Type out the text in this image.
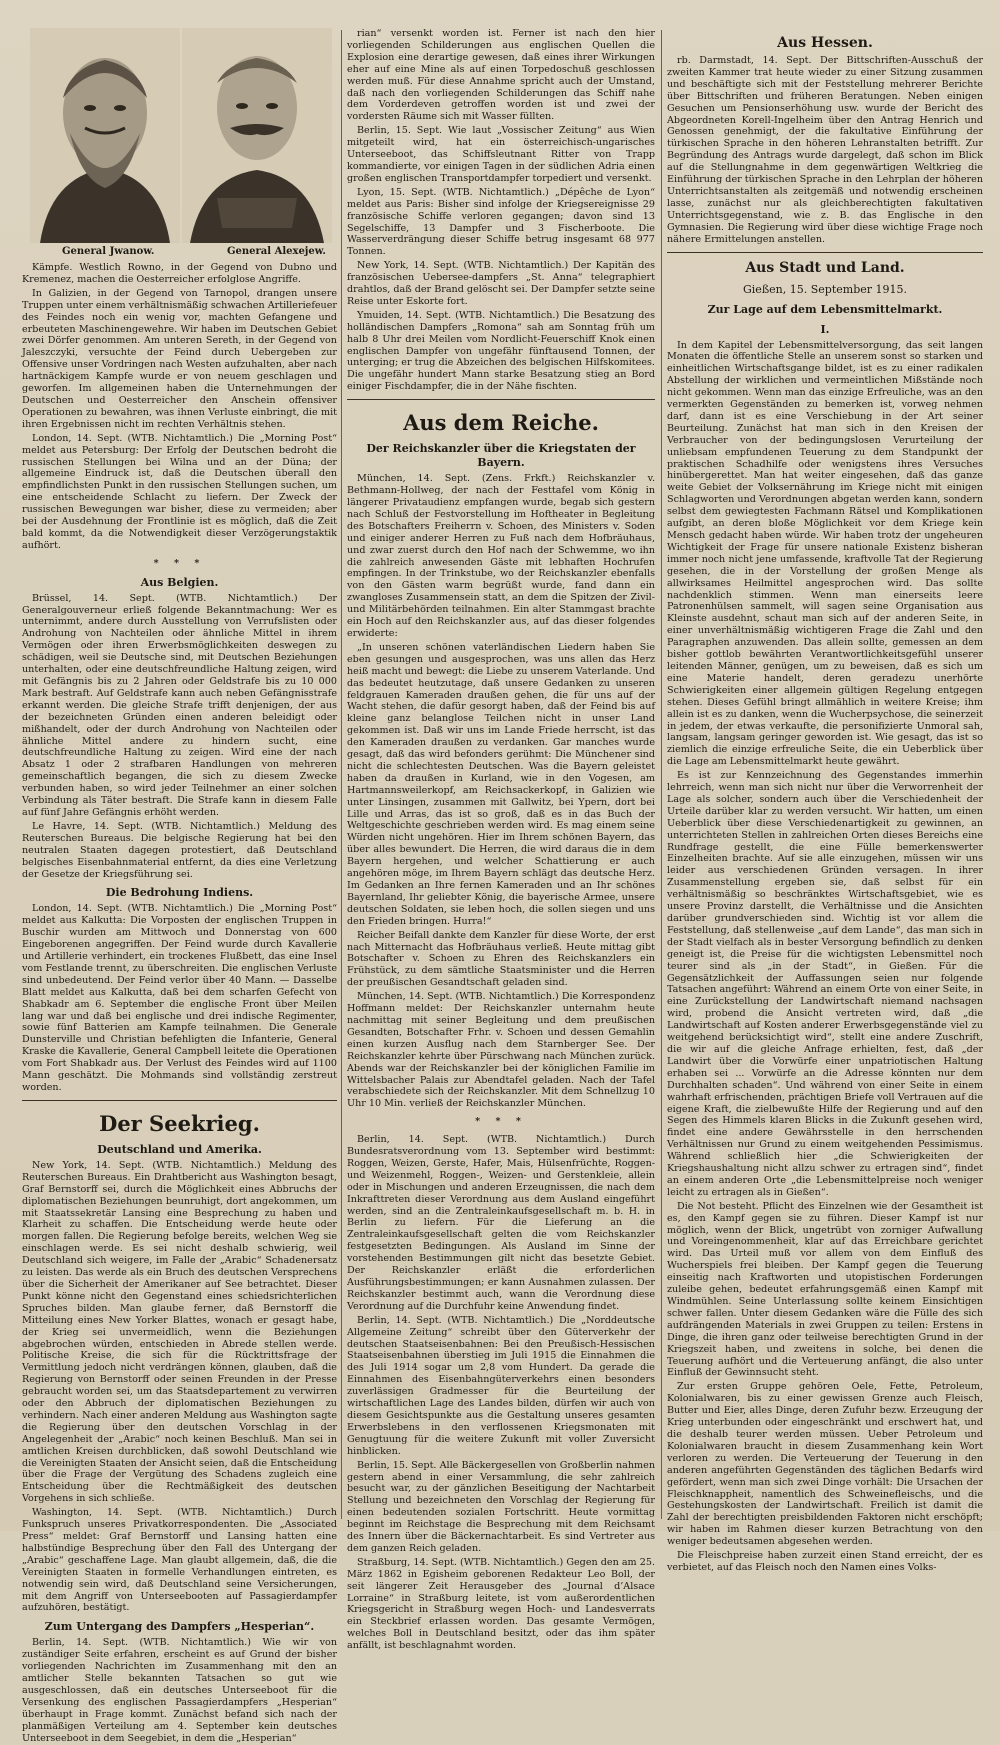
General Jwanow.	General Alexejew.

Kämpfe. Westlich Rowno, in der Gegend von Dubno und Kremenez, machen die Oesterreicher erfolglose Angriffe.

In Galizien, in der Gegend von Tarnopol, drangen unsere Truppen unter einem verhältnismäßig schwachen Artilleriefeuer des Feindes noch ein wenig vor, machten Gefangene und erbeuteten Maschinengewehre. Wir haben im Deutschen Gebiet zwei Dörfer genommen. Am unteren Sereth, in der Gegend von Jaleszczyki, versuchte der Feind durch Uebergeben zur Offensive unser Vordringen nach Westen aufzuhalten, aber nach hartnäckigem Kampfe wurde er von neuem geschlagen und geworfen. Im allgemeinen haben die Unternehmungen der Deutschen und Oesterreicher den Anschein offensiver Operationen zu bewahren, was ihnen Verluste einbringt, die mit ihren Ergebnissen nicht im rechten Verhältnis stehen.

London, 14. Sept. (WTB. Nichtamtlich.) Die „Morning Post“ meldet aus Petersburg: Der Erfolg der Deutschen bedroht die russischen Stellungen bei Wilna und an der Düna; der allgemeine Eindruck ist, daß die Deutschen überall den empfindlichsten Punkt in den russischen Stellungen suchen, um eine entscheidende Schlacht zu liefern. Der Zweck der russischen Bewegungen war bisher, diese zu vermeiden; aber bei der Ausdehnung der Frontlinie ist es möglich, daß die Zeit bald kommt, da die Notwendigkeit dieser Verzögerungstaktik aufhört.

* * *
Aus Belgien.

Brüssel, 14. Sept. (WTB. Nichtamtlich.) Der Generalgouverneur erließ folgende Bekanntmachung: Wer es unternimmt, andere durch Ausstellung von Verrufslisten oder Androhung von Nachteilen oder ähnliche Mittel in ihrem Vermögen oder ihren Erwerbsmöglichkeiten deswegen zu schädigen, weil sie Deutsche sind, mit Deutschen Beziehungen unterhalten, oder eine deutschfreundliche Haltung zeigen, wird mit Gefängnis bis zu 2 Jahren oder Geldstrafe bis zu 10 000 Mark bestraft. Auf Geldstrafe kann auch neben Gefängnisstrafe erkannt werden. Die gleiche Strafe trifft denjenigen, der aus der bezeichneten Gründen einen anderen beleidigt oder mißhandelt, oder der durch Androhung von Nachteilen oder ähnliche Mittel andere zu hindern sucht, eine deutschfreundliche Haltung zu zeigen. Wird eine der nach Absatz 1 oder 2 strafbaren Handlungen von mehreren gemeinschaftlich begangen, die sich zu diesem Zwecke verbunden haben, so wird jeder Teilnehmer an einer solchen Verbindung als Täter bestraft. Die Strafe kann in diesem Falle auf fünf Jahre Gefängnis erhöht werden.

Le Havre, 14. Sept. (WTB. Nichtamtlich.) Meldung des Reuterschen Bureaus. Die belgische Regierung hat bei den neutralen Staaten dagegen protestiert, daß Deutschland belgisches Eisenbahnmaterial entfernt, da dies eine Verletzung der Gesetze der Kriegsführung sei.

Die Bedrohung Indiens.

London, 14. Sept. (WTB. Nichtamtlich.) Die „Morning Post“ meldet aus Kalkutta: Die Vorposten der englischen Truppen in Buschir wurden am Mittwoch und Donnerstag von 600 Eingeborenen angegriffen. Der Feind wurde durch Kavallerie und Artillerie verhindert, ein trockenes Flußbett, das eine Insel vom Festlande trennt, zu überschreiten. Die englischen Verluste sind unbedeutend. Der Feind verlor über 40 Mann. — Dasselbe Blatt meldet aus Kalkutta, daß bei dem scharfen Gefecht von Shabkadr am 6. September die englische Front über Meilen lang war und daß bei englische und drei indische Regimenter, sowie fünf Batterien am Kampfe teilnahmen. Die Generale Dunsterville und Christian befehligten die Infanterie, General Kraske die Kavallerie, General Campbell leitete die Operationen vom Fort Shabkadr aus. Der Verlust des Feindes wird auf 1100 Mann geschätzt. Die Mohmands sind vollständig zerstreut worden.

Der Seekrieg.
Deutschland und Amerika.

New York, 14. Sept. (WTB. Nichtamtlich.) Meldung des Reuterschen Bureaus. Ein Drahtbericht aus Washington besagt, Graf Bernstorff sei, durch die Möglichkeit eines Abbruchs der diplomatischen Beziehungen beunruhigt, dort angekommen, um mit Staatssekretär Lansing eine Besprechung zu haben und Klarheit zu schaffen. Die Entscheidung werde heute oder morgen fallen. Die Regierung befolge bereits, welchen Weg sie einschlagen werde. Es sei nicht deshalb schwierig, weil Deutschland sich weigere, im Falle der „Arabic“ Schadenersatz zu leisten. Das werde als ein Bruch des deutschen Versprechens über die Sicherheit der Amerikaner auf See betrachtet. Dieser Punkt könne nicht den Gegenstand eines schiedsrichterlichen Spruches bilden. Man glaube ferner, daß Bernstorff die Mitteilung eines New Yorker Blattes, wonach er gesagt habe, der Krieg sei unvermeidlich, wenn die Beziehungen abgebrochen würden, entschieden in Abrede stellen werde. Politische Kreise, die sich für die Rücktrittsfrage der Vermittlung jedoch nicht verdrängen können, glauben, daß die Regierung von Bernstorff oder seinen Freunden in der Presse gebraucht worden sei, um das Staatsdepartement zu verwirren oder den Abbruch der diplomatischen Beziehungen zu verhindern. Nach einer anderen Meldung aus Washington sagte die Regierung über den deutschen Vorschlag in der Angelegenheit der „Arabic“ noch keinen Beschluß. Man sei in amtlichen Kreisen durchblicken, daß sowohl Deutschland wie die Vereinigten Staaten der Ansicht seien, daß die Entscheidung über die Frage der Vergütung des Schadens zugleich eine Entscheidung über die Rechtmäßigkeit des deutschen Vorgehens in sich schließe.

Washington, 14. Sept. (WTB. Nichtamtlich.) Durch Funkspruch unseres Privatkorrespondenten. Die „Associated Press“ meldet: Graf Bernstorff und Lansing hatten eine halbstündige Besprechung über den Fall des Untergang der „Arabic“ geschaffene Lage. Man glaubt allgemein, daß, die die Vereinigten Staaten in formelle Verhandlungen eintreten, es notwendig sein wird, daß Deutschland seine Versicherungen, mit dem Angriff von Unterseebooten auf Passagierdampfer aufzuhören, bestätigt.

Zum Untergang des Dampfers „Hesperian“.

Berlin, 14. Sept. (WTB. Nichtamtlich.) Wie wir von zuständiger Seite erfahren, erscheint es auf Grund der bisher vorliegenden Nachrichten im Zusammenhang mit den an amtlicher Stelle bekannten Tatsachen so gut wie ausgeschlossen, daß ein deutsches Unterseeboot für die Versenkung des englischen Passagierdampfers „Hesperian“ überhaupt in Frage kommt. Zunächst befand sich nach der planmäßigen Verteilung am 4. September kein deutsches Unterseeboot in dem Seegebiet, in dem die „Hesperian“

rian“ versenkt worden ist. Ferner ist nach den hier vorliegenden Schilderungen aus englischen Quellen die Explosion eine derartige gewesen, daß eines ihrer Wirkungen eher auf eine Mine als auf einen Torpedoschuß geschlossen werden muß. Für diese Annahme spricht auch der Umstand, daß nach den vorliegenden Schilderungen das Schiff nahe dem Vorderdeven getroffen worden ist und zwei der vordersten Räume sich mit Wasser füllten.

Berlin, 15. Sept. Wie laut „Vossischer Zeitung“ aus Wien mitgeteilt wird, hat ein österreichisch-ungarisches Unterseeboot, das Schiffsleutnant Ritter von Trapp kommandierte, vor einigen Tagen in der südlichen Adria einen großen englischen Transportdampfer torpediert und versenkt.

Lyon, 15. Sept. (WTB. Nichtamtlich.) „Dépêche de Lyon“ meldet aus Paris: Bisher sind infolge der Kriegsereignisse 29 französische Schiffe verloren gegangen; davon sind 13 Segelschiffe, 13 Dampfer und 3 Fischerboote. Die Wasserverdrängung dieser Schiffe betrug insgesamt 68 977 Tonnen.

New York, 14. Sept. (WTB. Nichtamtlich.) Der Kapitän des französischen Uebersee-dampfers „St. Anna“ telegraphiert drahtlos, daß der Brand gelöscht sei. Der Dampfer setzte seine Reise unter Eskorte fort.

Ymuiden, 14. Sept. (WTB. Nichtamtlich.) Die Besatzung des holländischen Dampfers „Romona“ sah am Sonntag früh um halb 8 Uhr drei Meilen vom Nordlicht-Feuerschiff Knok einen englischen Dampfer von ungefähr fünftausend Tonnen, der unterging; er trug die Abzeichen des belgischen Hilfskomitees. Die ungefähr hundert Mann starke Besatzung stieg an Bord einiger Fischdampfer, die in der Nähe fischten.

Aus dem Reiche.
Der Reichskanzler über die Kriegstaten der Bayern.

München, 14. Sept. (Zens. Frkft.) Reichskanzler v. Bethmann-Hollweg, der nach der Festtafel vom König in längerer Privataudienz empfangen wurde, begab sich gestern nach Schluß der Festvorstellung im Hoftheater in Begleitung des Botschafters Freiherrn v. Schoen, des Ministers v. Soden und einiger anderer Herren zu Fuß nach dem Hofbräuhaus, und zwar zuerst durch den Hof nach der Schwemme, wo ihn die zahlreich anwesenden Gäste mit lebhaften Hochrufen empfingen. In der Trinkstube, wo der Reichskanzler ebenfalls von den Gästen warm begrüßt wurde, fand dann ein zwangloses Zusammensein statt, an dem die Spitzen der Zivil- und Militärbehörden teilnahmen. Ein alter Stammgast brachte ein Hoch auf den Reichskanzler aus, auf das dieser folgendes erwiderte:

„In unseren schönen vaterländischen Liedern haben Sie eben gesungen und ausgesprochen, was uns allen das Herz heiß macht und bewegt: die Liebe zu unserem Vaterlande. Und das bedeutet heutzutage, daß unsere Gedanken zu unseren feldgrauen Kameraden draußen gehen, die für uns auf der Wacht stehen, die dafür gesorgt haben, daß der Feind bis auf kleine ganz belanglose Teilchen nicht in unser Land gekommen ist. Daß wir uns im Lande Friede herrscht, ist das den Kameraden draußen zu verdanken. Gar manches wurde gesagt, daß das wird befonders gerühmt: Die Münchener sind nicht die schlechtesten Deutschen. Was die Bayern geleistet haben da draußen in Kurland, wie in den Vogesen, am Hartmannsweilerkopf, am Reichsackerkopf, in Galizien wie unter Linsingen, zusammen mit Gallwitz, bei Ypern, dort bei Lille und Arras, das ist so groß, daß es in das Buch der Weltgeschichte geschrieben werden wird. Es mag einem seine Würden nicht ungehören. Hier im Ihrem schönen Bayern, das über alles bewundert. Die Herren, die wird daraus die in dem Bayern hergehen, und welcher Schattierung er auch angehören möge, im Ihrem Bayern schlägt das deutsche Herz. Im Gedanken an Ihre fernen Kameraden und an Ihr schönes Bayernland, Ihr geliebter König, die bayerische Armee, unsere deutschen Soldaten, sie leben hoch, die sollen siegen und uns den Frieden bringen. Hurra!“

Reicher Beifall dankte dem Kanzler für diese Worte, der erst nach Mitternacht das Hofbräuhaus verließ. Heute mittag gibt Botschafter v. Schoen zu Ehren des Reichskanzlers ein Frühstück, zu dem sämtliche Staatsminister und die Herren der preußischen Gesandtschaft geladen sind.

München, 14. Sept. (WTB. Nichtamtlich.) Die Korrespondenz Hoffmann meldet: Der Reichskanzler unternahm heute nachmittag mit seiner Begleitung und dem preußischen Gesandten, Botschafter Frhr. v. Schoen und dessen Gemahlin einen kurzen Ausflug nach dem Starnberger See. Der Reichskanzler kehrte über Pürschwang nach München zurück. Abends war der Reichskanzler bei der königlichen Familie im Wittelsbacher Palais zur Abendtafel geladen. Nach der Tafel verabschiedete sich der Reichskanzler. Mit dem Schnellzug 10 Uhr 10 Min. verließ der Reichskanzler München.

* * *

Berlin, 14. Sept. (WTB. Nichtamtlich.) Durch Bundesratsverordnung vom 13. September wird bestimmt: Roggen, Weizen, Gerste, Hafer, Mais, Hülsenfrüchte, Roggen- und Weizenmehl, Roggen-, Weizen- und Gerstenkleie, allein oder in Mischungen und anderen Erzeugnissen, die nach dem Inkrafttreten dieser Verordnung aus dem Ausland eingeführt werden, sind an die Zentraleinkaufsgesellschaft m. b. H. in Berlin zu liefern. Für die Lieferung an die Zentraleinkaufsgesellschaft gelten die vom Reichskanzler festgesetzten Bedingungen. Als Ausland im Sinne der vorstehenden Bestimmungen gilt nicht das besetzte Gebiet. Der Reichskanzler erläßt die erforderlichen Ausführungsbestimmungen; er kann Ausnahmen zulassen. Der Reichskanzler bestimmt auch, wann die Verordnung diese Verordnung auf die Durchfuhr keine Anwendung findet.

Berlin, 14. Sept. (WTB. Nichtamtlich.) Die „Norddeutsche Allgemeine Zeitung“ schreibt über den Güterverkehr der deutschen Staatseisenbahnen: Bei den Preußisch-Hessischen Staatseisenbahnen überstieg im Juli 1915 die Einnahmen die des Juli 1914 sogar um 2,8 vom Hundert. Da gerade die Einnahmen des Eisenbahngüterverkehrs einen besonders zuverlässigen Gradmesser für die Beurteilung der wirtschaftlichen Lage des Landes bilden, dürfen wir auch von diesem Gesichtspunkte aus die Gestaltung unseres gesamten Erwerbslebens in den verflossenen Kriegsmonaten mit Genugtuung für die weitere Zukunft mit voller Zuversicht hinblicken.

Berlin, 15. Sept. Alle Bäckergesellen von Großberlin nahmen gestern abend in einer Versammlung, die sehr zahlreich besucht war, zu der gänzlichen Beseitigung der Nachtarbeit Stellung und bezeichneten den Vorschlag der Regierung für einen bedeutenden sozialen Fortschritt. Heute vormittag beginnt im Reichstage die Besprechung mit dem Reichsamt des Innern über die Bäckernachtarbeit. Es sind Vertreter aus dem ganzen Reich geladen.

Straßburg, 14. Sept. (WTB. Nichtamtlich.) Gegen den am 25. März 1862 in Egisheim geborenen Redakteur Leo Boll, der seit längerer Zeit Herausgeber des „Journal d’Alsace Lorraine“ in Straßburg leitete, ist vom außerordentlichen Kriegsgericht in Straßburg wegen Hoch- und Landesverrats ein Steckbrief erlassen worden. Das gesamte Vermögen, welches Boll in Deutschland besitzt, oder das ihm später anfällt, ist beschlagnahmt worden.

Aus Hessen.

rb. Darmstadt, 14. Sept. Der Bittschriften-Ausschuß der zweiten Kammer trat heute wieder zu einer Sitzung zusammen und beschäftigte sich mit der Feststellung mehrerer Berichte über Bittschriften und früheren Beratungen. Neben einigen Gesuchen um Pensionserhöhung usw. wurde der Bericht des Abgeordneten Korell-Ingelheim über den Antrag Henrich und Genossen genehmigt, der die fakultative Einführung der türkischen Sprache in den höheren Lehranstalten betrifft. Zur Begründung des Antrags wurde dargelegt, daß schon im Blick auf die Stellungnahme in dem gegenwärtigen Weltkrieg die Einführung der türkischen Sprache in den Lehrplan der höheren Unterrichtsanstalten als zeitgemäß und notwendig erscheinen lasse, zunächst nur als gleichberechtigten fakultativen Unterrichtsgegenstand, wie z. B. das Englische in den Gymnasien. Die Regierung wird über diese wichtige Frage noch nähere Ermittelungen anstellen.

Aus Stadt und Land.
Gießen, 15. September 1915.
Zur Lage auf dem Lebensmittelmarkt.
I.

In dem Kapitel der Lebensmittelversorgung, das seit langen Monaten die öffentliche Stelle an unserem sonst so starken und einheitlichen Wirtschaftsgange bildet, ist es zu einer radikalen Abstellung der wirklichen und vermeintlichen Mißstände noch nicht gekommen. Wenn man das einzige Erfreuliche, was an den vermerkten Gegenständen zu bemerken ist, vorweg nehmen darf, dann ist es eine Verschiebung in der Art seiner Beurteilung. Zunächst hat man sich in den Kreisen der Verbraucher von der bedingungslosen Verurteilung der unliebsam empfundenen Teuerung zu dem Standpunkt der praktischen Schadhilfe oder wenigstens ihres Versuches hinübergerettet. Man hat weiter eingesehen, daß das ganze weite Gebiet der Volksernährung im Kriege nicht mit einigen Schlagworten und Verordnungen abgetan werden kann, sondern selbst dem gewiegtesten Fachmann Rätsel und Komplikationen aufgibt, an deren bloße Möglichkeit vor dem Kriege kein Mensch gedacht haben würde. Wir haben trotz der ungeheuren Wichtigkeit der Frage für unsere nationale Existenz bisheran immer noch nicht jene umfassende, kraftvolle Tat der Regierung gesehen, die in der Vorstellung der großen Menge als allwirksames Heilmittel angesprochen wird. Das sollte nachdenklich stimmen. Wenn man einerseits leere Patronenhülsen sammelt, will sagen seine Organisation aus Kleinste ausdehnt, schaut man sich auf der anderen Seite, in einer unverhältnismäßig wichtigeren Frage die Zahl und den Paragraphen anzuwenden. Das allein sollte, gemessen an dem bisher gottlob bewährten Verantwortlichkeitsgefühl unserer leitenden Männer, genügen, um zu beweisen, daß es sich um eine Materie handelt, deren geradezu unerhörte Schwierigkeiten einer allgemein gültigen Regelung entgegen stehen. Dieses Gefühl bringt allmählich in weitere Kreise; ihm allein ist es zu danken, wenn die Wucherpsychose, die seinerzeit in jedem, der etwas verkaufte, die personifizierte Unmoral sah, langsam, langsam geringer geworden ist. Wie gesagt, das ist so ziemlich die einzige erfreuliche Seite, die ein Ueberblick über die Lage am Lebensmittelmarkt heute gewährt.

Es ist zur Kennzeichnung des Gegenstandes immerhin lehrreich, wenn man sich nicht nur über die Verworrenheit der Lage als solcher, sondern auch über die Verschiedenheit der Urteile darüber klar zu werden versucht. Wir hatten, um einen Ueberblick über diese Verschiedenartigkeit zu gewinnen, an unterrichteten Stellen in zahlreichen Orten dieses Bereichs eine Rundfrage gestellt, die eine Fülle bemerkenswerter Einzelheiten brachte. Auf sie alle einzugehen, müssen wir uns leider aus verschiedenen Gründen versagen. In ihrer Zusammenstellung ergeben sie, daß selbst für ein verhältnismäßig so beschränktes Wirtschaftsgebiet, wie es unsere Provinz darstellt, die Verhältnisse und die Ansichten darüber grundverschieden sind. Wichtig ist vor allem die Feststellung, daß stellenweise „auf dem Lande“, das man sich in der Stadt vielfach als in bester Versorgung befindlich zu denken geneigt ist, die Preise für die wichtigsten Lebensmittel noch teurer sind als „in der Stadt“, in Gießen. Für die Gegensätzlichkeit der Auffassungen seien nur folgende Tatsachen angeführt: Während an einem Orte von einer Seite, in eine Zurückstellung der Landwirtschaft niemand nachsagen wird, probend die Ansicht vertreten wird, daß „die Landwirtschaft auf Kosten anderer Erwerbsgegenstände viel zu weitgehend berücksichtigt wird“, stellt eine andere Zuschrift, die wir auf die gleiche Anfrage erhielten, fest, daß „der Landwirt über die Vorwürfe einer unpatriotischen Haltung erhaben sei ... Vorwürfe an die Adresse könnten nur dem Durchhalten schaden“. Und während von einer Seite in einem wahrhaft erfrischenden, prächtigen Briefe voll Vertrauen auf die eigene Kraft, die zielbewußte Hilfe der Regierung und auf den Segen des Himmels klaren Blicks in die Zukunft gesehen wird, findet eine andere Gewährsstelle in den herrschenden Verhältnissen nur Grund zu einem weitgehenden Pessimismus. Während schließlich hier „die Schwierigkeiten der Kriegshaushaltung nicht allzu schwer zu ertragen sind“, findet an einem anderen Orte „die Lebensmittelpreise noch weniger leicht zu ertragen als in Gießen“.

Die Not besteht. Pflicht des Einzelnen wie der Gesamtheit ist es, den Kampf gegen sie zu führen. Dieser Kampf ist nur möglich, wenn der Blick, ungetrübt von zorniger Aufwallung und Voreingenommenheit, klar auf das Erreichbare gerichtet wird. Das Urteil muß vor allem von dem Einfluß des Wucherspiels frei bleiben. Der Kampf gegen die Teuerung einseitig nach Kraftworten und utopistischen Forderungen zuleibe gehen, bedeutet erfahrungsgemäß einen Kampf mit Windmühlen. Seine Unterlassung sollte keinem Einsichtigen schwer fallen. Unter diesem Gedanken wäre die Fülle des sich aufdrängenden Materials in zwei Gruppen zu teilen: Erstens in Dinge, die ihren ganz oder teilweise berechtigten Grund in der Kriegszeit haben, und zweitens in solche, bei denen die Teuerung aufhört und die Verteuerung anfängt, die also unter Einfluß der Gewinnsucht steht.

Zur ersten Gruppe gehören Oele, Fette, Petroleum, Kolonialwaren, bis zu einer gewissen Grenze auch Fleisch, Butter und Eier, alles Dinge, deren Zufuhr bezw. Erzeugung der Krieg unterbunden oder eingeschränkt und erschwert hat, und die deshalb teurer werden müssen. Ueber Petroleum und Kolonialwaren braucht in diesem Zusammenhang kein Wort verloren zu werden. Die Verteuerung der Teuerung in den anderen angeführten Gegenständen des täglichen Bedarfs wird gefördert, wenn man sich zwei Dinge vorhält: Die Ursachen der Fleischknappheit, namentlich des Schweinefleischs, und die Gestehungskosten der Landwirtschaft. Freilich ist damit die Zahl der berechtigten preisbildenden Faktoren nicht erschöpft; wir haben im Rahmen dieser kurzen Betrachtung von den weniger bedeutsamen abgesehen werden.

Die Fleischpreise haben zurzeit einen Stand erreicht, der es verbietet, auf das Fleisch noch den Namen eines Volks-
